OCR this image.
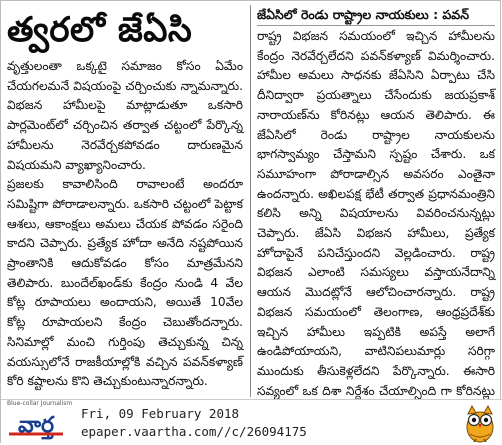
త్వరలో జేఏసి

వృత్తులంతా ఒక్కటై సమాజం కోసం ఏమేం చేయగలమనే విషయంపై చర్చించుకు న్నామన్నారు. విభజన హామీలపై మాట్లాడుతూ ఒకసారి పార్లమెంట్‌లో చర్చించిన తర్వాత చట్టంలో పేర్కొన్న హామీలను నెరవేర్చకపోవడం దారుణమైన విషయమని వ్యాఖ్యానించారు.

ప్రజలకు కావాలిసింది రావాలంటే అందరూ సమిష్టిగా పోరాడాలన్నారు. ఒకసారి చట్టంలో పెట్టాక ఆశలు, ఆకాంక్షలు అమలు చేయక పోవడం సరైంది కాదని చెప్పారు. ప్రత్యేక హోదా అనేది నష్టపోయిన ప్రాంతానికి ఆదుకోవడం కోసం మాత్రమేనని తెలిపారు. బుందేల్‌ఖండ్‌కు కేంద్రం నుండి 4 వేల కోట్ల రూపాయలు అందాయని, అయితే 10వేల కోట్ల రూపాయలని కేంద్రం చెబుతోందన్నారు. సినిమాల్లో మంచి గుర్తింపు తెచ్చుకున్న చిన్న వయస్సులోనే రాజకీయాల్లోకి వచ్చిన పవన్‌కళ్యాణ్ కోరి కష్టాలను కొని తెచ్చుకుంటున్నారన్నారు.

జేఏసిలో రెండు రాష్ట్రాల నాయకులు : పవన్

రాష్ట్ర విభజన సమయంలో ఇచ్చిన హామీలను కేంద్రం నెరవేర్చలేదని పవన్‌కళ్యాణ్ విమర్శించారు. హామీల అమలు సాధనకు జేఏసిని ఏర్పాటు చేసి దీనిద్వారా ప్రయత్నాలు చేసేందుకు జయప్రకాశ్ నారాయణ్‌ను కోరినట్లు ఆయన తెలిపారు. ఈ జేఏసిలో రెండు రాష్ట్రాల నాయకులను భాగస్వామ్యం చేస్తామని స్పష్టం చేశారు. ఒక సమూహంగా పోరాడాల్సిన అవసరం ఎంతైనా ఉందన్నారు. అఖిలపక్ష భేటీ తర్వాత ప్రధానమంత్రిని కలిసి అన్ని విషయాలను వివరించనున్నట్లు చెప్పారు. జేఏసి విభజన హామీలు, ప్రత్యేక హోదాపైనే పనిచేస్తుందని వెల్లడించారు. రాష్ట్ర విభజన ఎలాంటి సమస్యలు వస్తాయనేదాన్ని ఆయన మొదట్లోనే ఆలోచించారన్నారు. రాష్ట్ర విభజన సమయంలో తెలంగాణ, ఆంధ్రప్రదేశ్‌కు ఇచ్చిన హామీలు ఇప్పటికి అపస్తే అలాగే ఉండిపోయాయని, వాటినిపలుమార్లు సరిగ్గా ముందుకు తీసుకెళ్లలేదని పేర్కొన్నారు. ఈసారి సవ్యంలో ఒక దిశా నిర్దేశం చేయాల్సింది గా కోరినట్లు

Blue-collar Journalism
వార్త Fri, 09 February 2018
epaper.vaartha.com//c/26094175
